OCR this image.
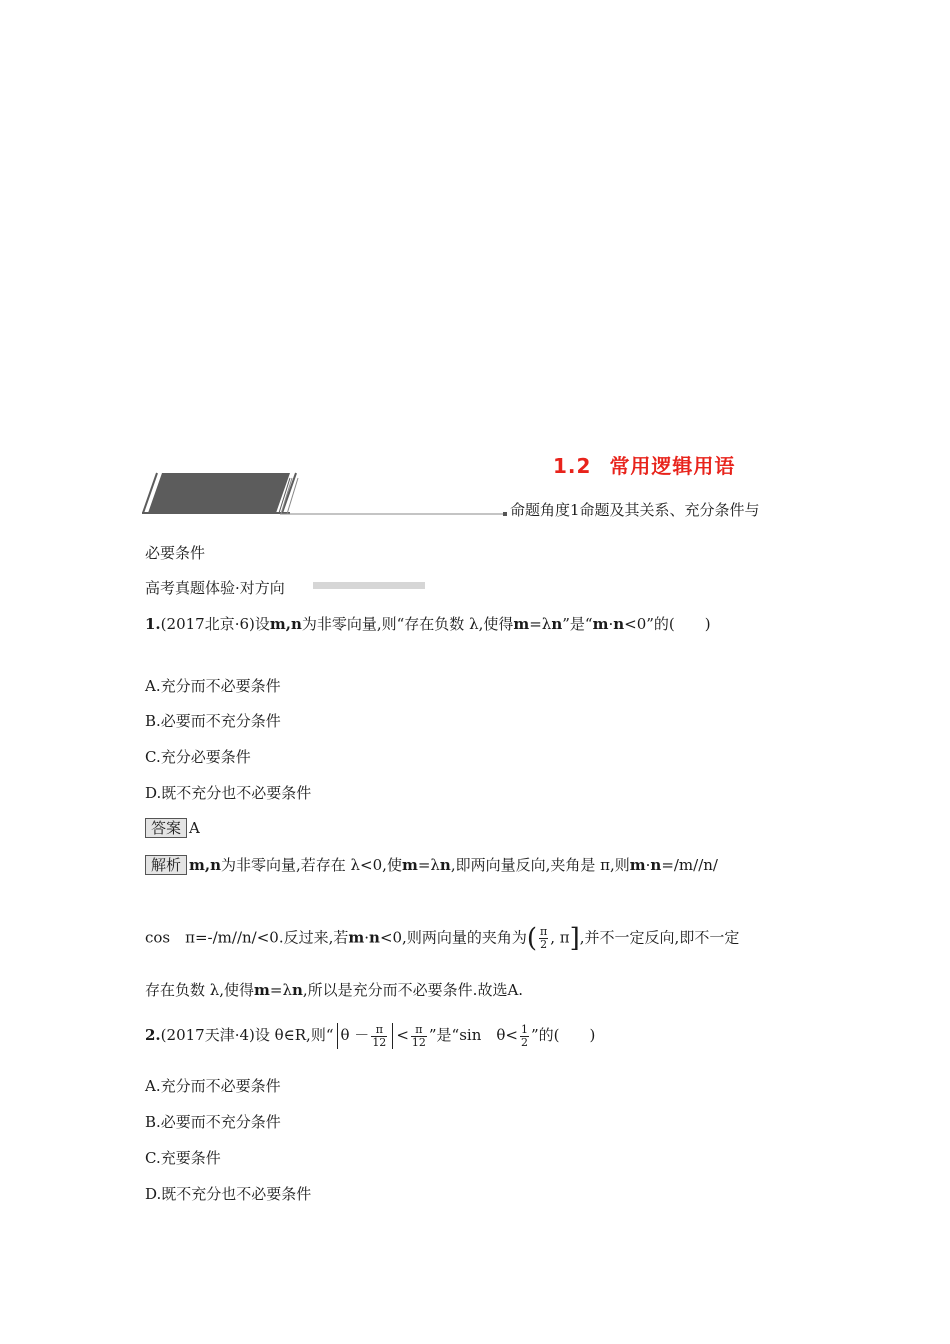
1.2 常用逻辑用语
命题角度1命题及其关系、充分条件与
必要条件
高考真题体验·对方向
1.(2017北京·6)设m,n为非零向量,则“存在负数 λ,使得m=λn”是“m·n<0”的(　　)
A.充分而不必要条件
B.必要而不充分条件
C.充分必要条件
D.既不充分也不必要条件
答案 A
解析 m,n为非零向量,若存在 λ<0,使m=λn,即两向量反向,夹角是 π,则m·n=/m//n/
cos　π=-/m//n/<0.反过来,若m·n<0,则两向量的夹角为( $\frac{\pi}{2}$ , π],并不一定反向,即不一定
存在负数 λ,使得m=λn,所以是充分而不必要条件.故选A.
2.(2017天津·4)设 θ∈R,则“ $\theta - \frac{\pi}{12} < \frac{\pi}{12}$ ”是“sin　$\theta< \frac{1}{2}$ ”的(　　)
A.充分而不必要条件
B.必要而不充分条件
C.充要条件
D.既不充分也不必要条件
